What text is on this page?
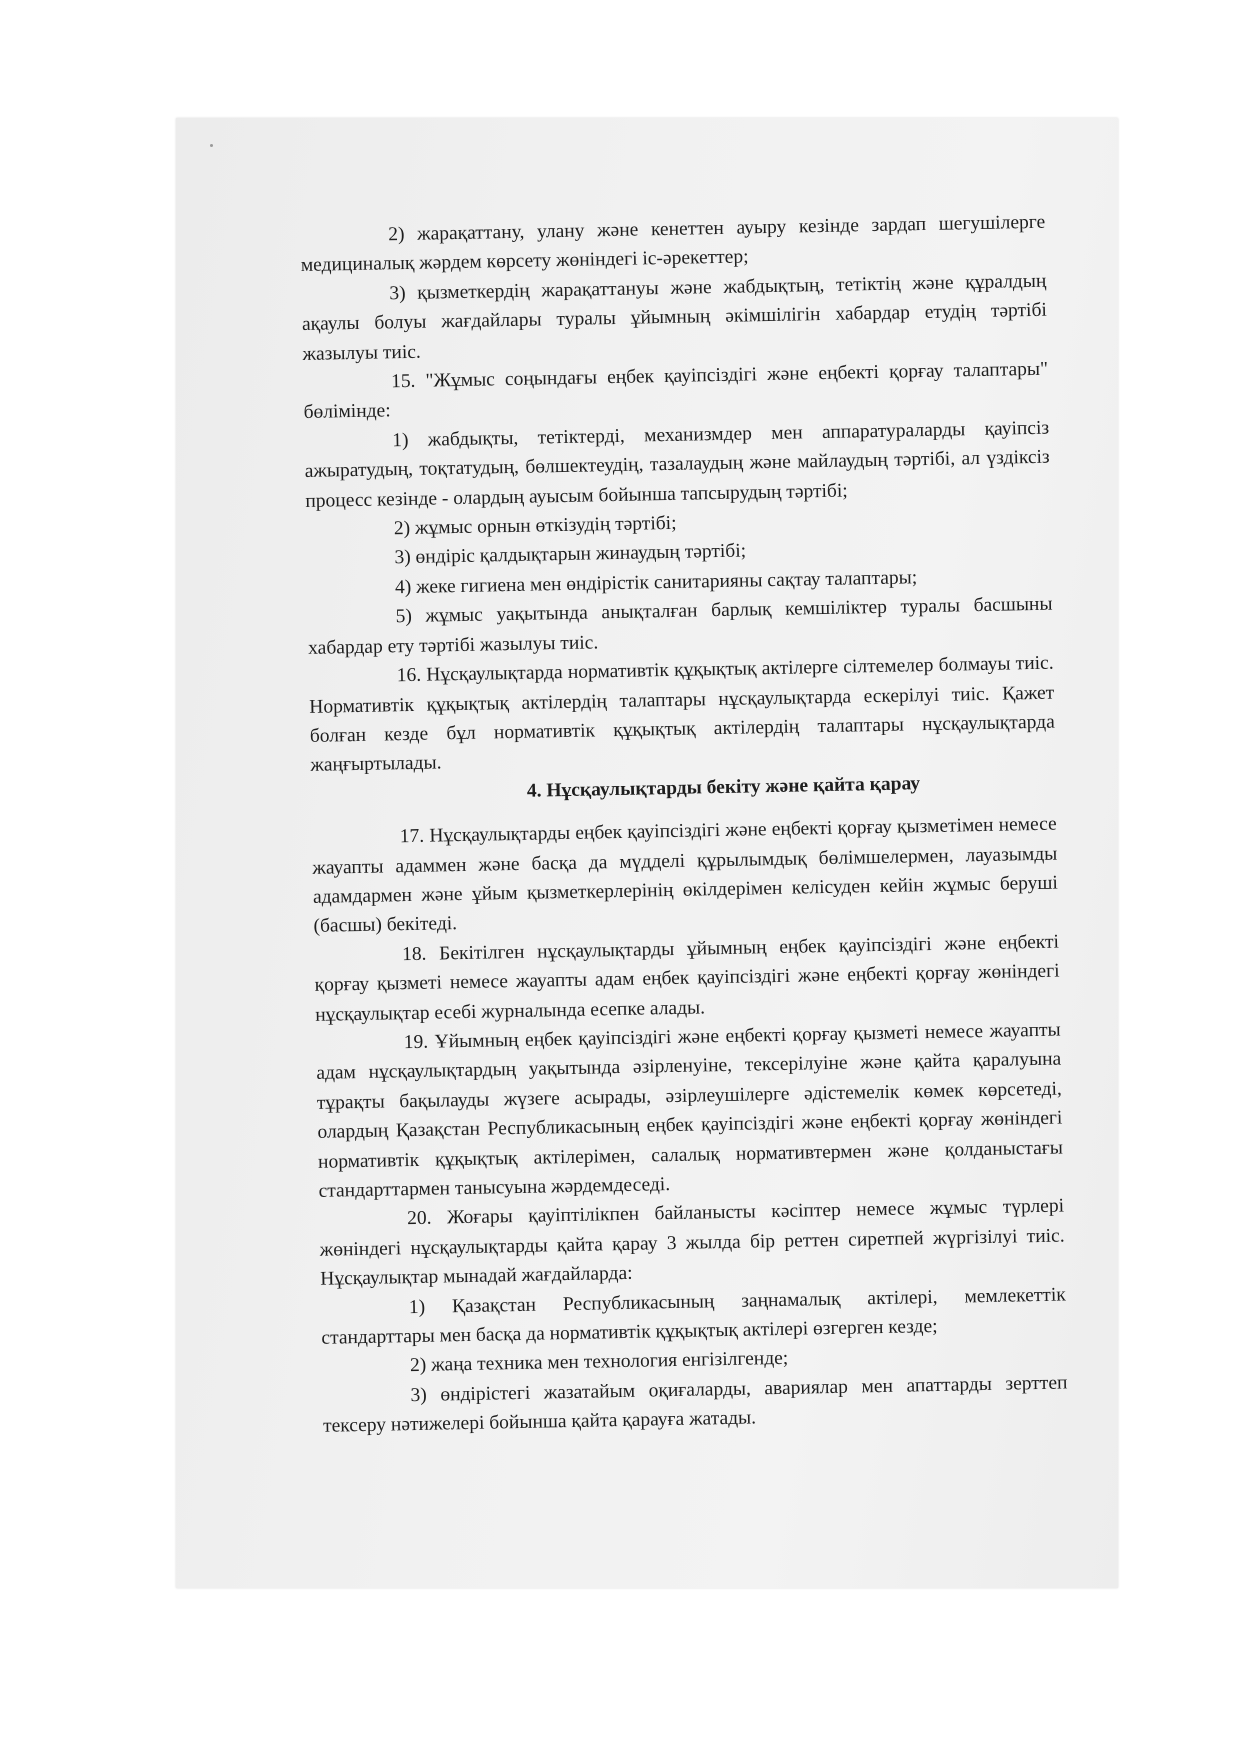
2) жарақаттану, улану және кенеттен ауыру кезінде зардап шегушілерге медициналық жәрдем көрсету жөніндегі іс-әрекеттер;

3) қызметкердің жарақаттануы және жабдықтың, тетіктің және құралдың ақаулы болуы жағдайлары туралы ұйымның әкімшілігін хабардар етудің тәртібі жазылуы тиіс.

15. "Жұмыс соңындағы еңбек қауіпсіздігі және еңбекті қорғау талаптары" бөлімінде:

1) жабдықты, тетіктерді, механизмдер мен аппаратураларды қауіпсіз ажыратудың, тоқтатудың, бөлшектеудің, тазалаудың және майлаудың тәртібі, ал үздіксіз процесс кезінде - олардың ауысым бойынша тапсырудың тәртібі;

2) жұмыс орнын өткізудің тәртібі;

3) өндіріс қалдықтарын жинаудың тәртібі;

4) жеке гигиена мен өндірістік санитарияны сақтау талаптары;

5) жұмыс уақытында анықталған барлық кемшіліктер туралы басшыны хабардар ету тәртібі жазылуы тиіс.

16. Нұсқаулықтарда нормативтік құқықтық актілерге сілтемелер болмауы тиіс. Нормативтік құқықтық актілердің талаптары нұсқаулықтарда ескерілуі тиіс. Қажет болған кезде бұл нормативтік құқықтық актілердің талаптары нұсқаулықтарда жаңғыртылады.

4. Нұсқаулықтарды бекіту және қайта қарау

17. Нұсқаулықтарды еңбек қауіпсіздігі және еңбекті қорғау қызметімен немесе жауапты адаммен және басқа да мүдделі құрылымдық бөлімшелермен, лауазымды адамдармен және ұйым қызметкерлерінің өкілдерімен келісуден кейін жұмыс беруші (басшы) бекітеді.

18. Бекітілген нұсқаулықтарды ұйымның еңбек қауіпсіздігі және еңбекті қорғау қызметі немесе жауапты адам еңбек қауіпсіздігі және еңбекті қорғау жөніндегі нұсқаулықтар есебі журналында есепке алады.

19. Ұйымның еңбек қауіпсіздігі және еңбекті қорғау қызметі немесе жауапты адам нұсқаулықтардың уақытында әзірленуіне, тексерілуіне және қайта қаралуына тұрақты бақылауды жүзеге асырады, әзірлеушілерге әдістемелік көмек көрсетеді, олардың Қазақстан Республикасының еңбек қауіпсіздігі және еңбекті қорғау жөніндегі нормативтік құқықтық актілерімен, салалық нормативтермен және қолданыстағы стандарттармен танысуына жәрдемдеседі.

20. Жоғары қауіптілікпен байланысты кәсіптер немесе жұмыс түрлері жөніндегі нұсқаулықтарды қайта қарау 3 жылда бір реттен сиретпей жүргізілуі тиіс. Нұсқаулықтар мынадай жағдайларда:

1) Қазақстан Республикасының заңнамалық актілері, мемлекеттік стандарттары мен басқа да нормативтік құқықтық актілері өзгерген кезде;

2) жаңа техника мен технология енгізілгенде;

3) өндірістегі жазатайым оқиғаларды, авариялар мен апаттарды зерттеп тексеру нәтижелері бойынша қайта қарауға жатады.
